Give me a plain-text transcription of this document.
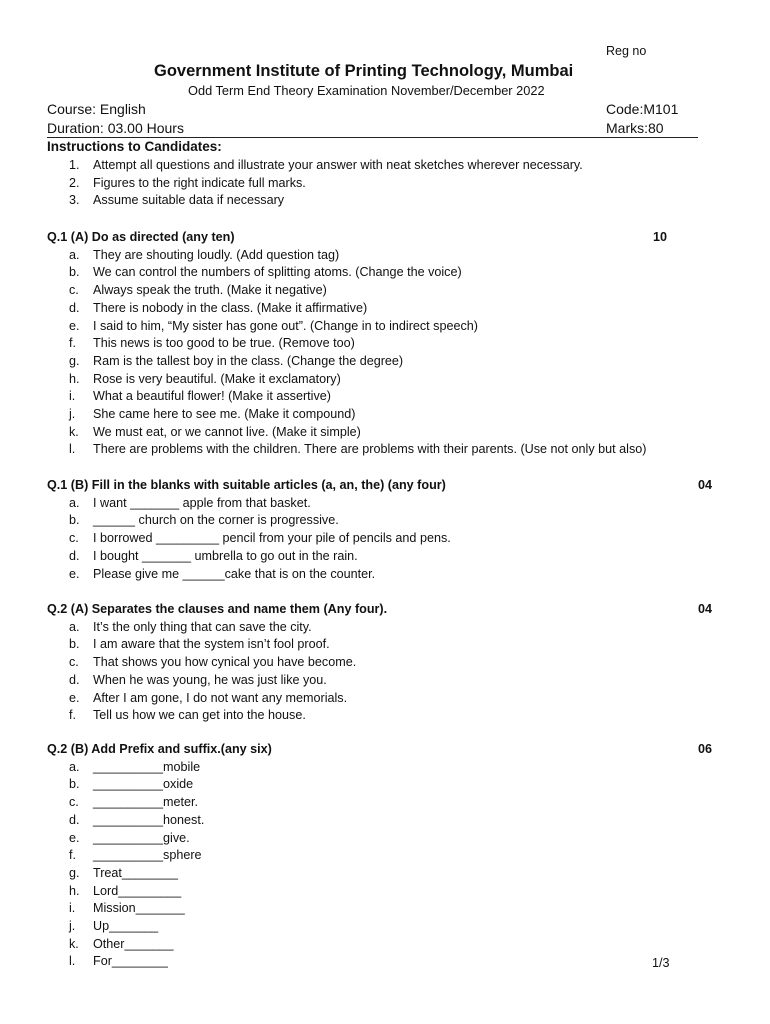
Reg no
Government Institute of Printing Technology, Mumbai
Odd Term End Theory Examination November/December 2022
Course: English	Code:M101
Duration: 03.00 Hours	Marks:80
Instructions to Candidates:
1. Attempt all questions and illustrate your answer with neat sketches wherever necessary.
2. Figures to the right indicate full marks.
3. Assume suitable data if necessary
Q.1 (A) Do as directed (any ten)	10
a. They are shouting loudly. (Add question tag)
b. We can control the numbers of splitting atoms. (Change the voice)
c. Always speak the truth. (Make it negative)
d. There is nobody in the class. (Make it affirmative)
e. I said to him, “My sister has gone out”. (Change in to indirect speech)
f. This news is too good to be true. (Remove too)
g. Ram is the tallest boy in the class. (Change the degree)
h. Rose is very beautiful. (Make it exclamatory)
i. What a beautiful flower! (Make it assertive)
j. She came here to see me. (Make it compound)
k. We must eat, or we cannot live. (Make it simple)
l. There are problems with the children. There are problems with their parents. (Use not only but also)
Q.1 (B) Fill in the blanks with suitable articles (a, an, the) (any four)	04
a. I want _______ apple from that basket.
b. ______ church on the corner is progressive.
c. I borrowed _________ pencil from your pile of pencils and pens.
d. I bought _______ umbrella to go out in the rain.
e. Please give me ______cake that is on the counter.
Q.2 (A) Separates the clauses and name them (Any four).	04
a. It’s the only thing that can save the city.
b. I am aware that the system isn’t fool proof.
c. That shows you how cynical you have become.
d. When he was young, he was just like you.
e. After I am gone, I do not want any memorials.
f. Tell us how we can get into the house.
Q.2 (B) Add Prefix and suffix.(any six)	06
a. __________mobile
b. __________oxide
c. __________meter.
d. __________honest.
e. __________give.
f. __________sphere
g. Treat________
h. Lord_________
i. Mission_______
j. Up_______
k. Other_______
l. For________	1/3
